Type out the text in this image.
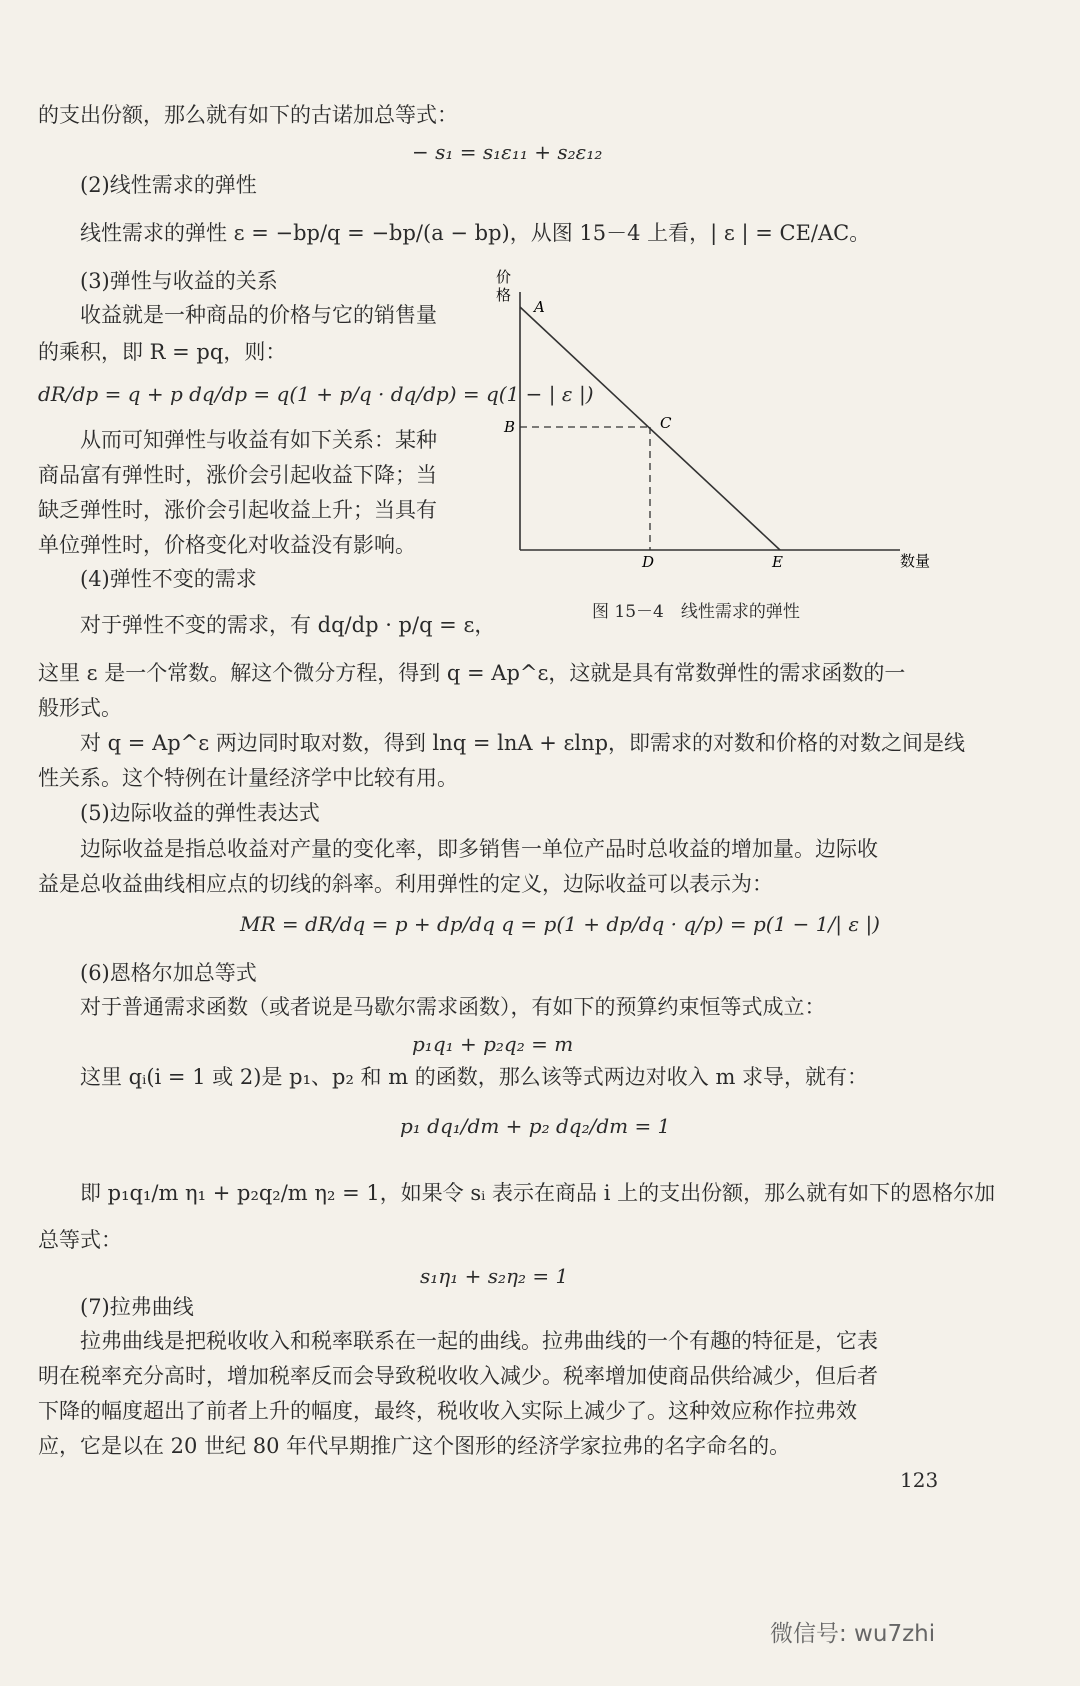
的支出份额，那么就有如下的古诺加总等式：
− s₁ = s₁ε₁₁ + s₂ε₁₂
(2)线性需求的弹性
线性需求的弹性 ε = −bp/q = −bp/(a − bp)，从图 15－4 上看，| ε | = CE/AC。
(3)弹性与收益的关系
收益就是一种商品的价格与它的销售量
的乘积，即 R = pq，则：
dR/dp = q + p dq/dp = q(1 + p/q · dq/dp) = q(1 − | ε |)
从而可知弹性与收益有如下关系：某种
商品富有弹性时，涨价会引起收益下降；当
缺乏弹性时，涨价会引起收益上升；当具有
单位弹性时，价格变化对收益没有影响。
(4)弹性不变的需求
对于弹性不变的需求，有 dq/dp · p/q = ε，
这里 ε 是一个常数。解这个微分方程，得到 q = Ap^ε，这就是具有常数弹性的需求函数的一
般形式。
对 q = Ap^ε 两边同时取对数，得到 lnq = lnA + εlnp，即需求的对数和价格的对数之间是线
性关系。这个特例在计量经济学中比较有用。
(5)边际收益的弹性表达式
边际收益是指总收益对产量的变化率，即多销售一单位产品时总收益的增加量。边际收
益是总收益曲线相应点的切线的斜率。利用弹性的定义，边际收益可以表示为：
MR = dR/dq = p + dp/dq q = p(1 + dp/dq · q/p) = p(1 − 1/| ε |)
(6)恩格尔加总等式
对于普通需求函数（或者说是马歇尔需求函数），有如下的预算约束恒等式成立：
p₁q₁ + p₂q₂ = m
这里 qᵢ(i = 1 或 2)是 p₁、p₂ 和 m 的函数，那么该等式两边对收入 m 求导，就有：
p₁ dq₁/dm + p₂ dq₂/dm = 1
即 p₁q₁/m η₁ + p₂q₂/m η₂ = 1，如果令 sᵢ 表示在商品 i 上的支出份额，那么就有如下的恩格尔加
总等式：
s₁η₁ + s₂η₂ = 1
(7)拉弗曲线
拉弗曲线是把税收收入和税率联系在一起的曲线。拉弗曲线的一个有趣的特征是，它表
明在税率充分高时，增加税率反而会导致税收收入减少。税率增加使商品供给减少，但后者
下降的幅度超出了前者上升的幅度，最终，税收收入实际上减少了。这种效应称作拉弗效
应，它是以在 20 世纪 80 年代早期推广这个图形的经济学家拉弗的名字命名的。
价
格
A
B	C
D	E	数量
图 15－4　线性需求的弹性
123
微信号: wu7zhi
